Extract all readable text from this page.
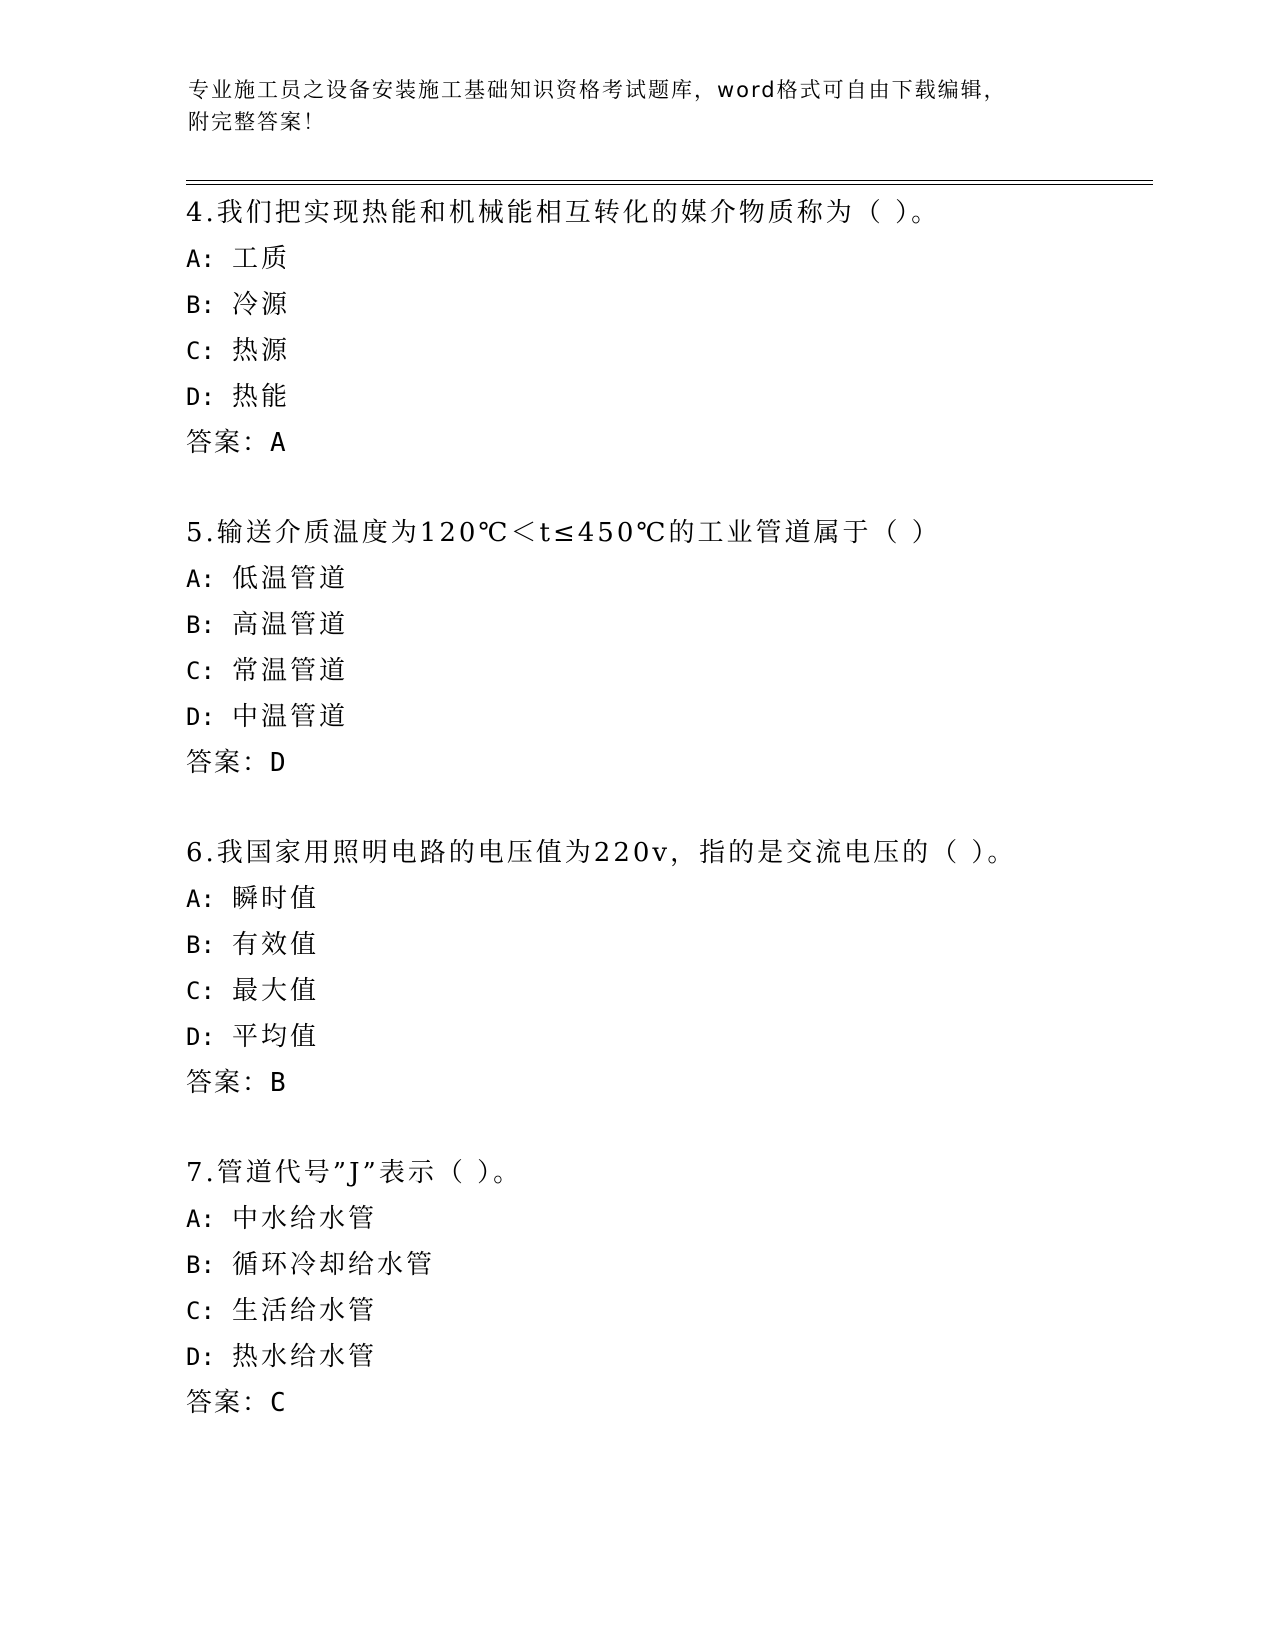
专业施工员之设备安装施工基础知识资格考试题库，word格式可自由下载编辑，
附完整答案！
4.我们把实现热能和机械能相互转化的媒介物质称为（ ）。
A: 工质
B: 冷源
C: 热源
D: 热能
答案：A
5.输送介质温度为120℃＜t≤450℃的工业管道属于（ ）
A: 低温管道
B: 高温管道
C: 常温管道
D: 中温管道
答案：D
6.我国家用照明电路的电压值为220v，指的是交流电压的（ ）。
A: 瞬时值
B: 有效值
C: 最大值
D: 平均值
答案：B
7.管道代号”J”表示（ ）。
A: 中水给水管
B: 循环冷却给水管
C: 生活给水管
D: 热水给水管
答案：C
